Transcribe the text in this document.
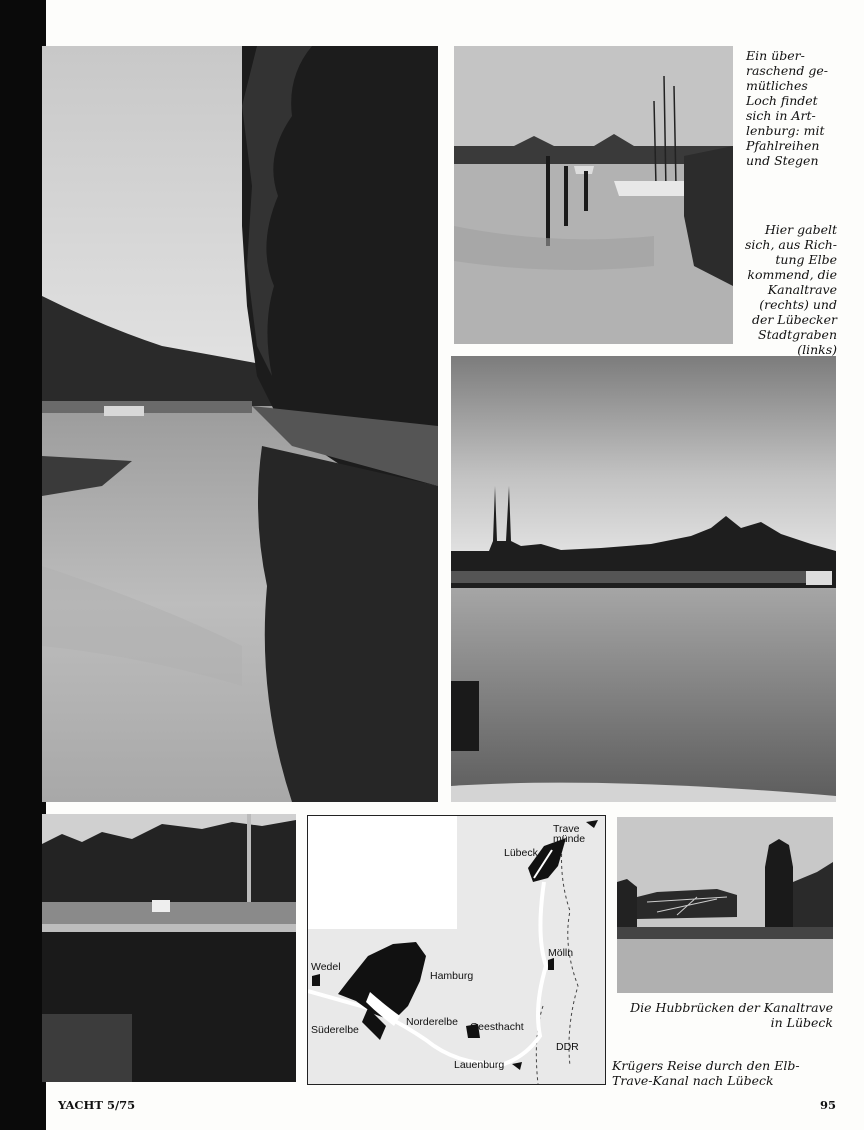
Trave
münde
Lübeck
Mölln
Wedel
Hamburg
Norderelbe
Süderelbe	Geesthacht
Lauenburg
DDR
Ein über-
raschend ge-
mütliches
Loch findet
sich in Art-
lenburg: mit
Pfahlreihen
und Stegen
Hier gabelt
sich, aus Rich-
tung Elbe
kommend, die
Kanaltrave
(rechts) und
der Lübecker
Stadtgraben
(links)
Die Hubbrücken der Kanaltrave
in Lübeck
Krügers Reise durch den Elb-
Trave-Kanal nach Lübeck
YACHT 5/75	95
